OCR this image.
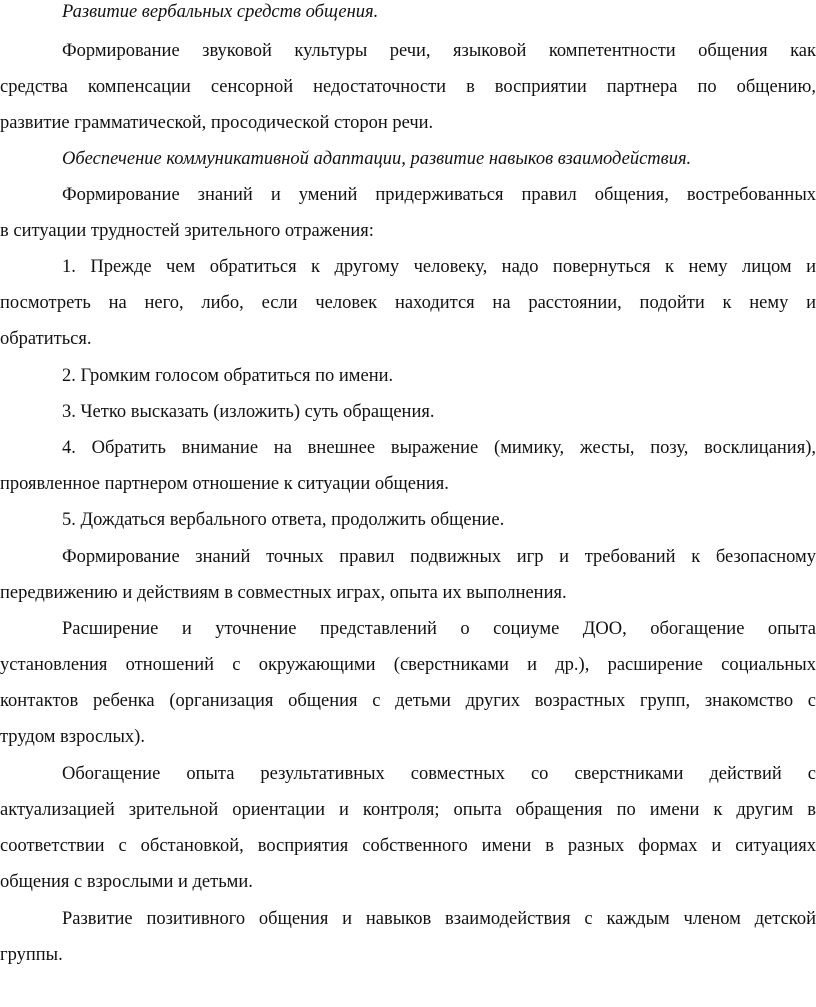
Развитие вербальных средств общения.
Формирование звуковой культуры речи, языковой компетентности общения как
средства компенсации сенсорной недостаточности в восприятии партнера по общению,
развитие грамматической, просодической сторон речи.
Обеспечение коммуникативной адаптации, развитие навыков взаимодействия.
Формирование знаний и умений придерживаться правил общения, востребованных
в ситуации трудностей зрительного отражения:
1. Прежде чем обратиться к другому человеку, надо повернуться к нему лицом и
посмотреть на него, либо, если человек находится на расстоянии, подойти к нему и
обратиться.
2. Громким голосом обратиться по имени.
3. Четко высказать (изложить) суть обращения.
4. Обратить внимание на внешнее выражение (мимику, жесты, позу, восклицания),
проявленное партнером отношение к ситуации общения.
5. Дождаться вербального ответа, продолжить общение.
Формирование знаний точных правил подвижных игр и требований к безопасному
передвижению и действиям в совместных играх, опыта их выполнения.
Расширение и уточнение представлений о социуме ДОО, обогащение опыта
установления отношений с окружающими (сверстниками и др.), расширение социальных
контактов ребенка (организация общения с детьми других возрастных групп, знакомство с
трудом взрослых).
Обогащение опыта результативных совместных со сверстниками действий с
актуализацией зрительной ориентации и контроля; опыта обращения по имени к другим в
соответствии с обстановкой, восприятия собственного имени в разных формах и ситуациях
общения с взрослыми и детьми.
Развитие позитивного общения и навыков взаимодействия с каждым членом детской
группы.
